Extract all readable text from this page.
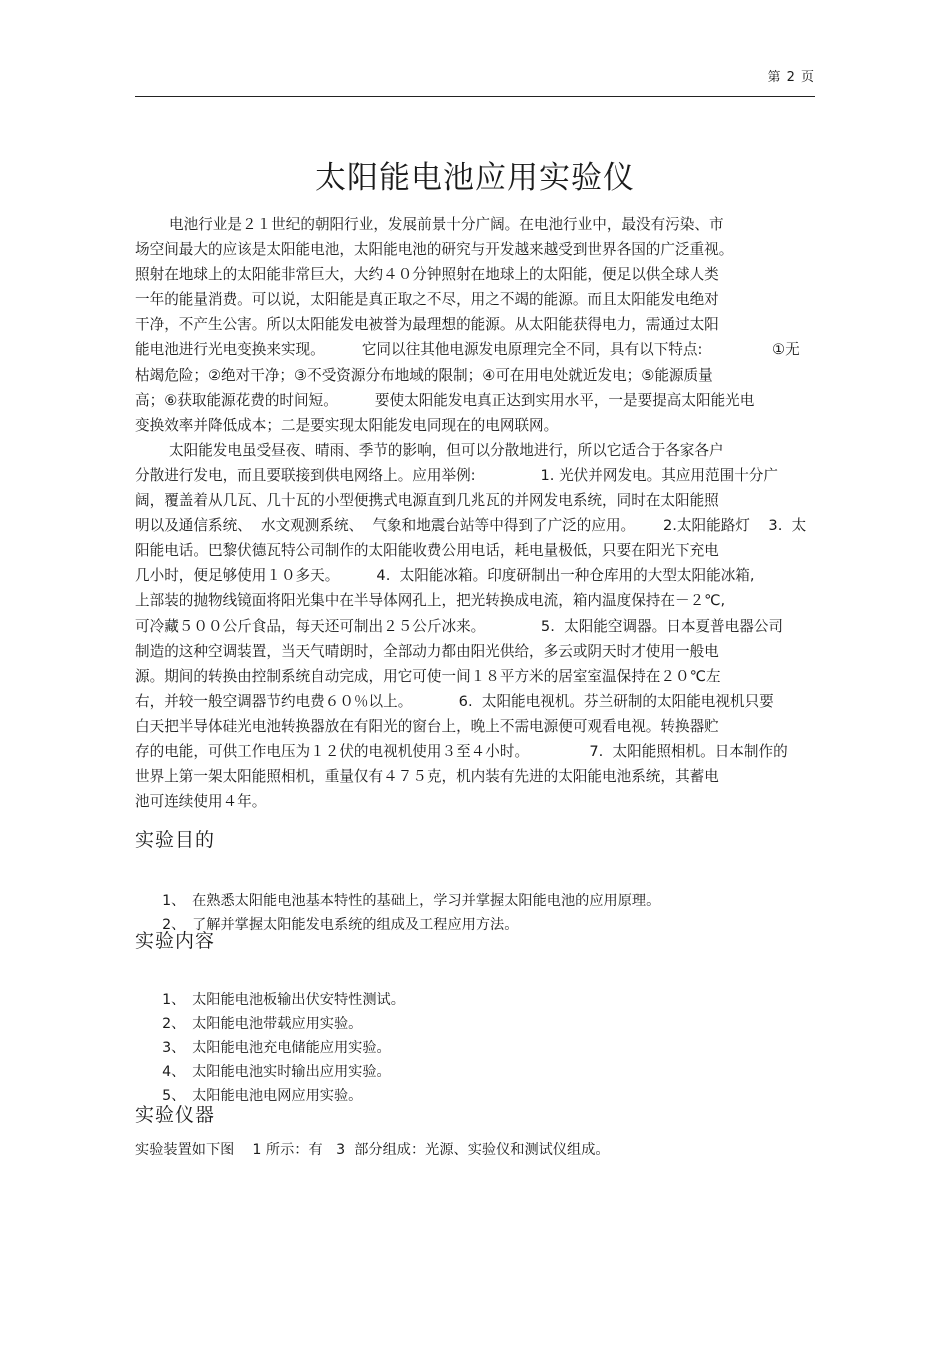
第 2 页
太阳能电池应用实验仪
电池行业是２１世纪的朝阳行业，发展前景十分广阔。在电池行业中，最没有污染、市
场空间最大的应该是太阳能电池，太阳能电池的研究与开发越来越受到世界各国的广泛重视。
照射在地球上的太阳能非常巨大，大约４０分钟照射在地球上的太阳能，便足以供全球人类
一年的能量消费。可以说，太阳能是真正取之不尽，用之不竭的能源。而且太阳能发电绝对
干净，不产生公害。所以太阳能发电被誉为最理想的能源。从太阳能获得电力，需通过太阳
能电池进行光电变换来实现。        它同以往其他电源发电原理完全不同，具有以下特点:               ①无
枯竭危险；②绝对干净；③不受资源分布地域的限制；④可在用电处就近发电；⑤能源质量
高；⑥获取能源花费的时间短。        要使太阳能发电真正达到实用水平，一是要提高太阳能光电
变换效率并降低成本；二是要实现太阳能发电同现在的电网联网。
太阳能发电虽受昼夜、晴雨、季节的影响，但可以分散地进行，所以它适合于各家各户
分散进行发电，而且要联接到供电网络上。应用举例:              1. 光伏并网发电。其应用范围十分广
阔，覆盖着从几瓦、几十瓦的小型便携式电源直到几兆瓦的并网发电系统，同时在太阳能照
明以及通信系统、  水文观测系统、  气象和地震台站等中得到了广泛的应用。      2.太阳能路灯    3.  太
阳能电话。巴黎伏德瓦特公司制作的太阳能收费公用电话，耗电量极低，只要在阳光下充电
几小时，便足够使用１０多天。        4.  太阳能冰箱。印度研制出一种仓库用的大型太阳能冰箱,
上部装的抛物线镜面将阳光集中在半导体网孔上，把光转换成电流，箱内温度保持在－２℃,
可冷藏５００公斤食品，每天还可制出２５公斤冰来。            5.  太阳能空调器。日本夏普电器公司
制造的这种空调装置，当天气晴朗时，全部动力都由阳光供给，多云或阴天时才使用一般电
源。期间的转换由控制系统自动完成，用它可使一间１８平方米的居室室温保持在２０℃左
右，并较一般空调器节约电费６０％以上。          6.  太阳能电视机。芬兰研制的太阳能电视机只要
白天把半导体硅光电池转换器放在有阳光的窗台上，晚上不需电源便可观看电视。转换器贮
存的电能，可供工作电压为１２伏的电视机使用３至４小时。             7.  太阳能照相机。日本制作的
世界上第一架太阳能照相机，重量仅有４７５克，机内装有先进的太阳能电池系统，其蓄电
池可连续使用４年。
实验目的

1、 在熟悉太阳能电池基本特性的基础上，学习并掌握太阳能电池的应用原理。

2、 了解并掌握太阳能发电系统的组成及工程应用方法。

实验内容

1、 太阳能电池板输出伏安特性测试。

2、 太阳能电池带载应用实验。

3、 太阳能电池充电储能应用实验。

4、 太阳能电池实时输出应用实验。

5、 太阳能电池电网应用实验。

实验仪器
实验装置如下图    1 所示：有   3  部分组成：光源、实验仪和测试仪组成。
